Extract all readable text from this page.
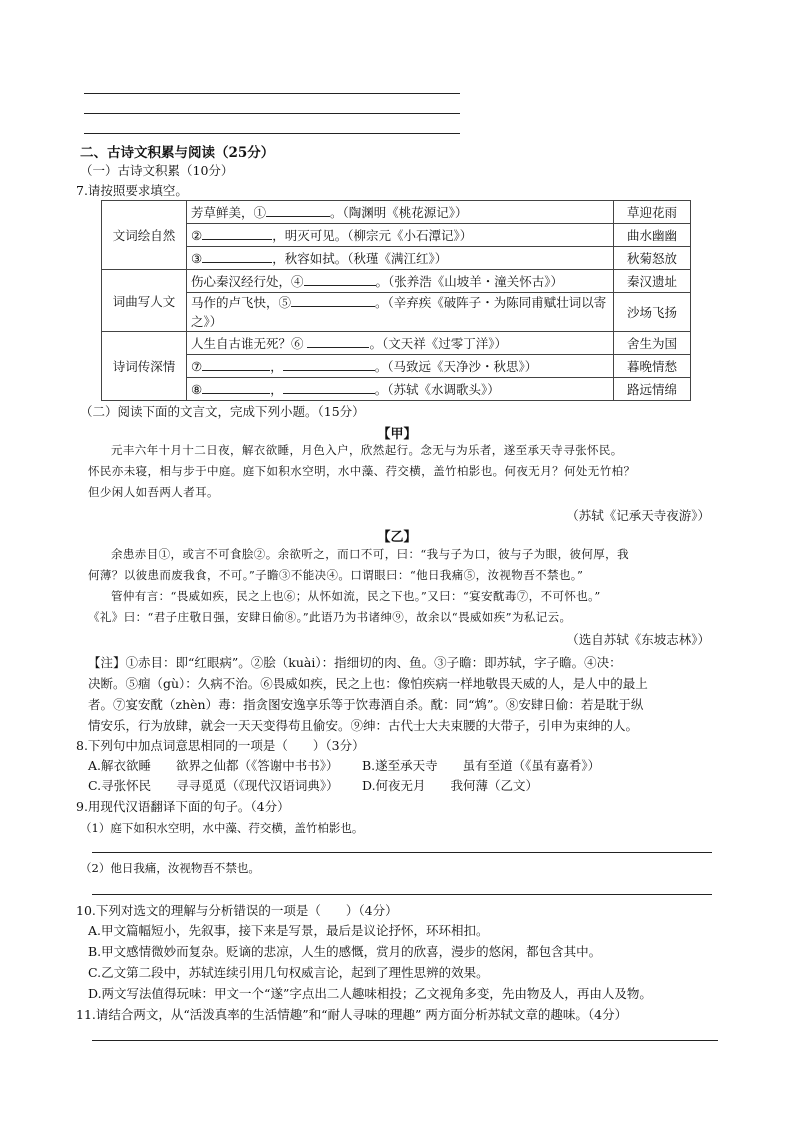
二、古诗文积累与阅读（25分）
（一）古诗文积累（10分）
7.请按照要求填空。
文词绘自然	芳草鲜美，① 。（陶渊明《桃花源记》）	草迎花雨
	② ，明灭可见。（柳宗元《小石潭记》）	曲水幽幽
	③ ，秋容如拭。（秋瑾《满江红》）	秋菊怒放
词曲写人文	伤心秦汉经行处，④ 。（张养浩《山坡羊・潼关怀古》）	秦汉遗址
	马作的卢飞快，⑤ 。（辛弃疾《破阵子・为陈同甫赋壮词以寄之》）	沙场飞扬
诗词传深情	人生自古谁无死？⑥ 。（文天祥《过零丁洋》）	舍生为国
	⑦ ， 。（马致远《天净沙・秋思》）	暮晚情愁
	⑧ ， 。（苏轼《水调歌头》）	路远情绵
（二）阅读下面的文言文，完成下列小题。（15分）
【甲】
元丰六年十月十二日夜，解衣欲睡，月色入户，欣然起行。念无与为乐者，遂至承天寺寻张怀民。
怀民亦未寝，相与步于中庭。庭下如积水空明，水中藻、荇交横，盖竹柏影也。何夜无月？何处无竹柏？
但少闲人如吾两人者耳。
（苏轼《记承天寺夜游》）
【乙】
余患赤目①，或言不可食脍②。余欲听之，而口不可，曰：“我与子为口，彼与子为眼，彼何厚，我
何薄？以彼患而废我食，不可。”子瞻③不能决④。口谓眼曰：“他日我痛⑤，汝视物吾不禁也。”
管仲有言：“畏威如疾，民之上也⑥；从怀如流，民之下也。”又曰：“宴安酖毒⑦，不可怀也。”
《礼》曰：“君子庄敬日强，安肆日偷⑧。”此语乃为书诸绅⑨，故余以“畏威如疾”为私记云。
（选自苏轼《东坡志林》）
【注】①赤目：即“红眼病”。②脍（kuài）：指细切的肉、鱼。③子瞻：即苏轼，字子瞻。④决：
决断。⑤痼（gù）：久病不治。⑥畏威如疾，民之上也：像怕疾病一样地敬畏天威的人，是人中的最上
者。⑦宴安酖（zhèn）毒：指贪图安逸享乐等于饮毒酒自杀。酖：同“鸩”。⑧安肆日偷：若是耽于纵
情安乐，行为放肆，就会一天天变得苟且偷安。⑨绅：古代士大夫束腰的大带子，引申为束绅的人。
8.下列句中加点词意思相同的一项是（　　）（3分）
A.解衣欲睡　　欲界之仙都（《答谢中书书》） B.遂至承天寺　　虽有至道（《虽有嘉肴》）
C.寻张怀民　　寻寻觅觅（《现代汉语词典》） D.何夜无月　　我何薄（乙文）
9.用现代汉语翻译下面的句子。（4分）
（1）庭下如积水空明，水中藻、荇交横，盖竹柏影也。
（2）他日我痛，汝视物吾不禁也。
10.下列对选文的理解与分析错误的一项是（　　）（4分）
A.甲文篇幅短小，先叙事，接下来是写景，最后是议论抒怀，环环相扣。
B.甲文感情微妙而复杂。贬谪的悲凉，人生的感慨，赏月的欣喜，漫步的悠闲，都包含其中。
C.乙文第二段中，苏轼连续引用几句权威言论，起到了理性思辨的效果。
D.两文写法值得玩味：甲文一个“遂”字点出二人趣味相投；乙文视角多变，先由物及人，再由人及物。
11.请结合两文，从“活泼真率的生活情趣”和“耐人寻味的理趣” 两方面分析苏轼文章的趣味。（4分）
